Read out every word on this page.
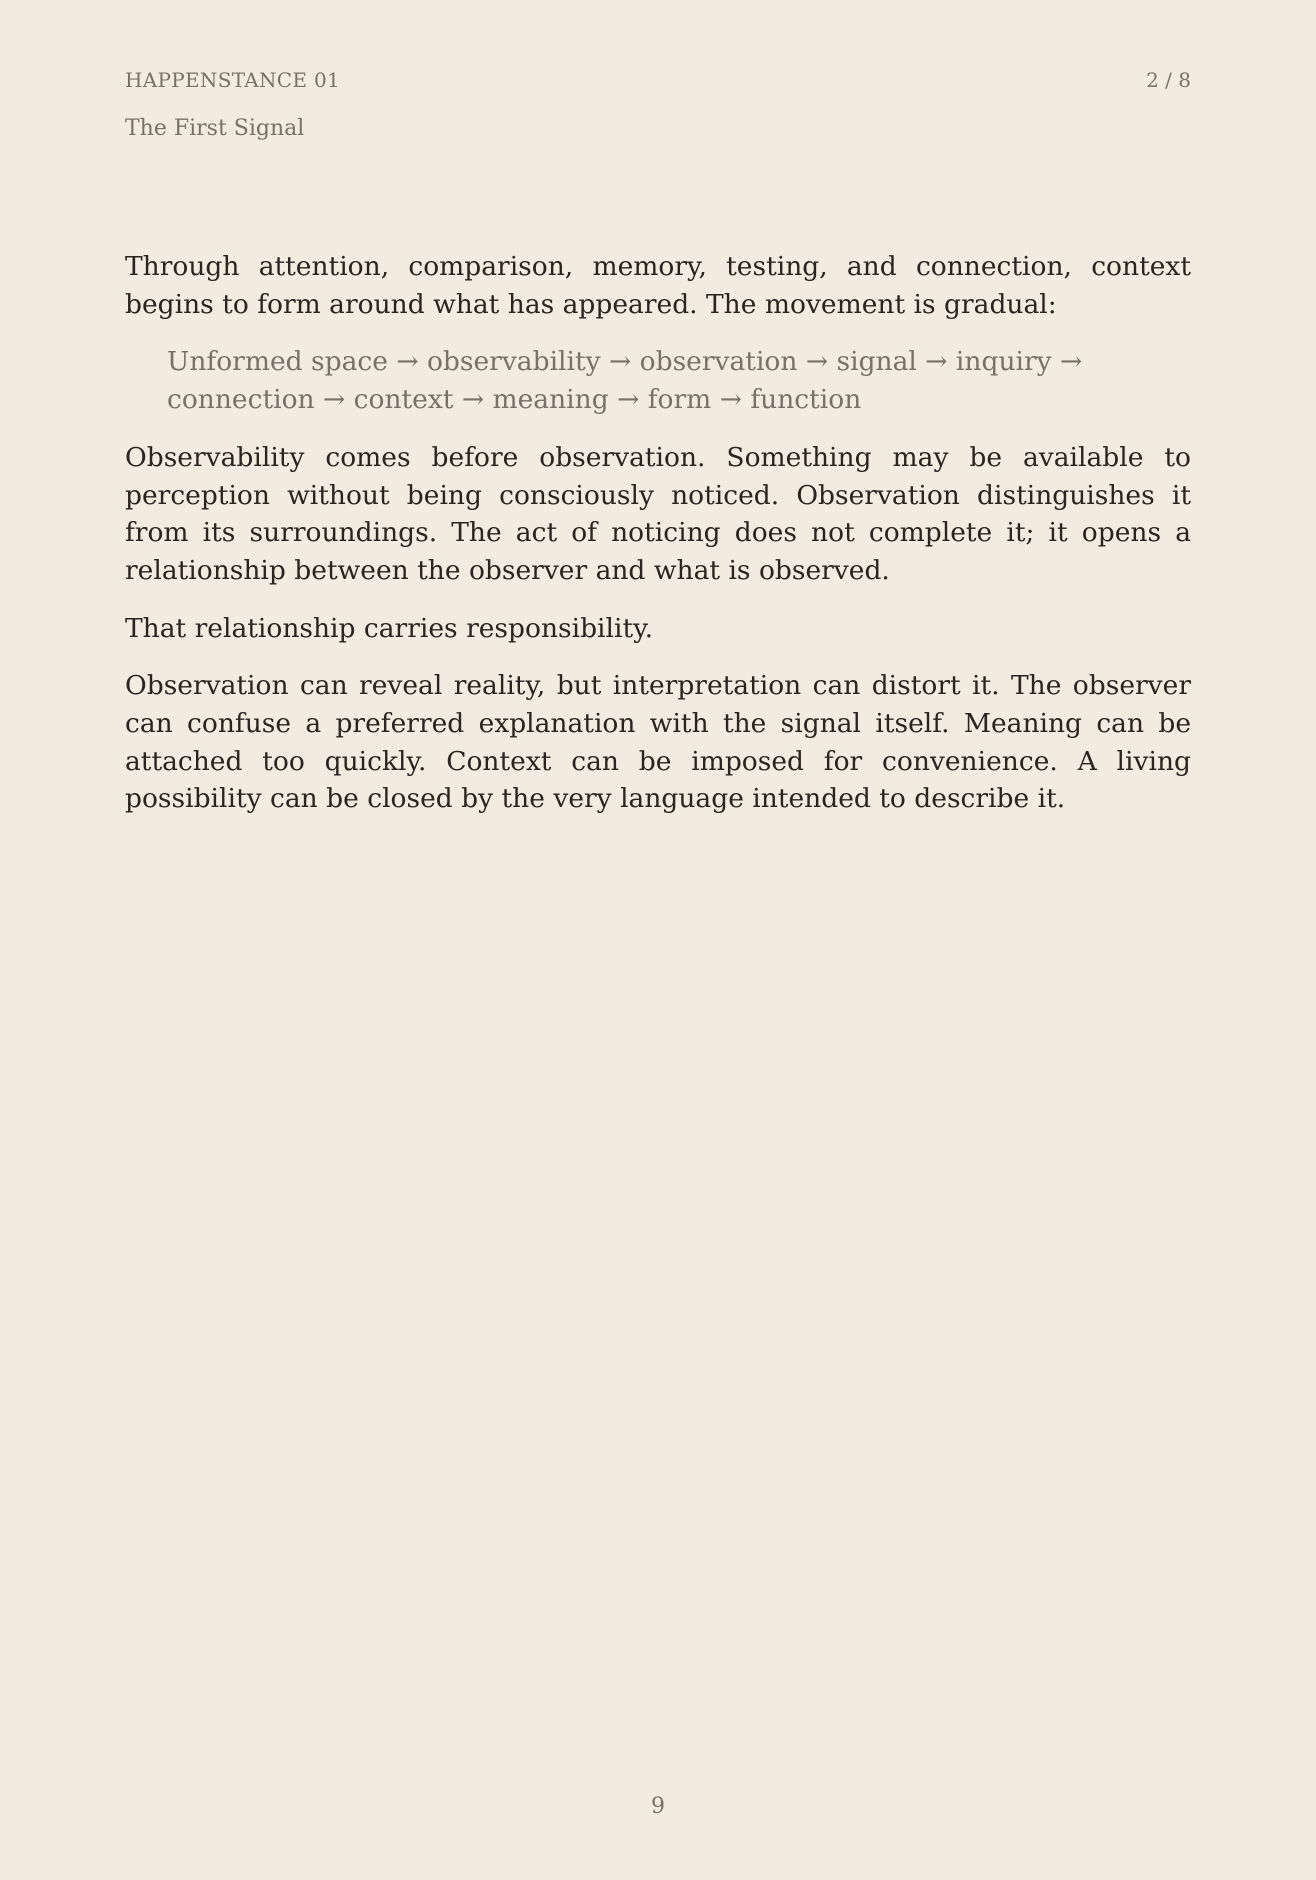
HAPPENSTANCE 01	2 / 8
The First Signal

Through attention, comparison, memory, testing, and connection, context begins to form around what has appeared. The movement is gradual:

Unformed space → observability → observation → signal → inquiry → connection → context → meaning → form → function

Observability comes before observation. Something may be available to perception without being consciously noticed. Observation distinguishes it from its surroundings. The act of noticing does not complete it; it opens a relationship between the observer and what is observed.

That relationship carries responsibility.

Observation can reveal reality, but interpretation can distort it. The observer can confuse a preferred explanation with the signal itself. Meaning can be attached too quickly. Context can be imposed for convenience. A living possibility can be closed by the very language intended to describe it.

9
